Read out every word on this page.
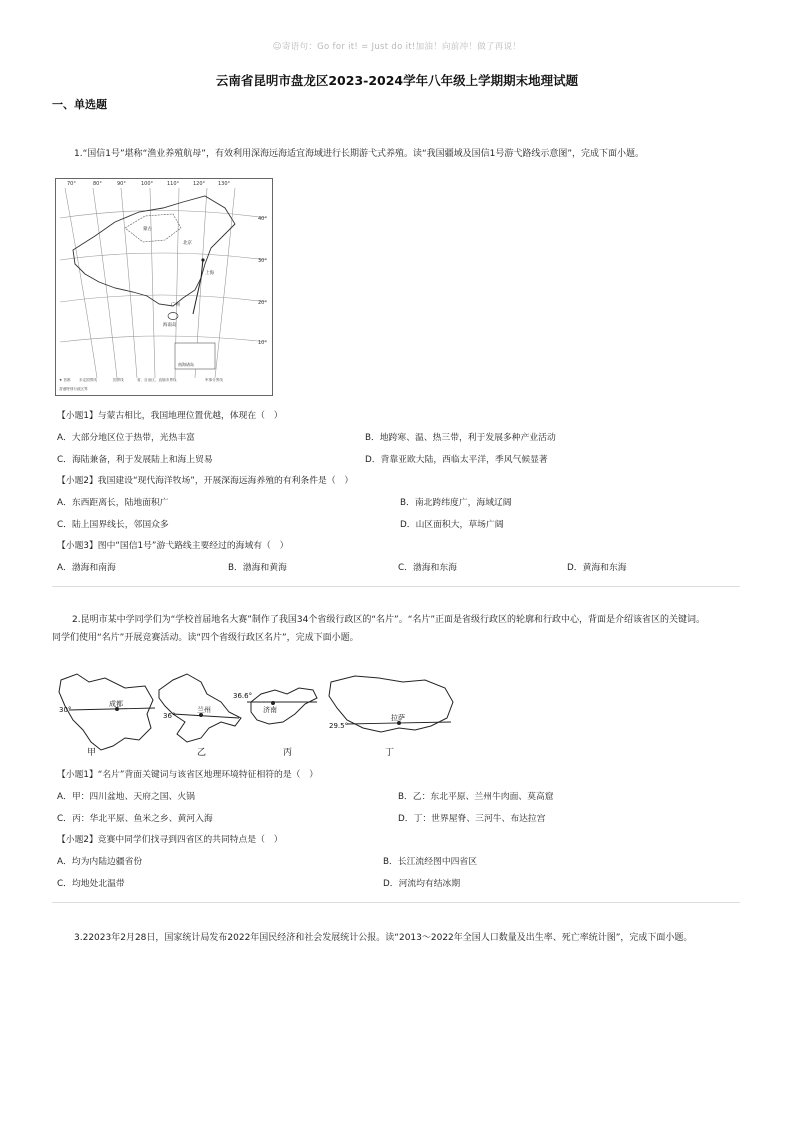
☺寄语句：Go for it! = Just do it!加油！向前冲！做了再说！
云南省昆明市盘龙区2023-2024学年八年级上学期期末地理试题
一、单选题
1.“国信1号”堪称“渔业养殖航母”，有效利用深海远海适宜海域进行长期游弋式养殖。读“我国疆域及国信1号游弋路线示意图”，完成下面小题。
南海诸岛
70°	80°	90°	100°	110°	120°	130°
40°
30°
20°
10°
蒙古
北京
上海
广州
海南岛
★ 首都 未定国界线	国界线	省、自治区、直辖市界线	军事分界线
香港特别行政区界
【小题1】与蒙古相比，我国地理位置优越，体现在（　）
A．大部分地区位于热带，光热丰富	B．地跨寒、温、热三带，利于发展多种产业活动
C．海陆兼备，利于发展陆上和海上贸易	D．背靠亚欧大陆，西临太平洋，季风气候显著
【小题2】我国建设“现代海洋牧场”，开展深海远海养殖的有利条件是（　）
A．东西距离长，陆地面积广	B．南北跨纬度广，海域辽阔
C．陆上国界线长，邻国众多	D．山区面积大，草场广阔
【小题3】图中“国信1号”游弋路线主要经过的海域有（　）
A．渤海和南海	B．渤海和黄海	C．渤海和东海	D．黄海和东海
2.昆明市某中学同学们为“学校首届地名大赛”制作了我国34个省级行政区的“名片”。“名片”正面是省级行政区的轮廓和行政中心，背面是介绍该省区的关键词。同学们使用“名片”开展竞赛活动。读“四个省级行政区名片”，完成下面小题。
30°
成都
36°
兰州
36.6°
济南
29.5°
拉萨
甲	乙	丙	丁
【小题1】“名片”背面关键词与该省区地理环境特征相符的是（　）
A．甲：四川盆地、天府之国、火锅	B．乙：东北平原、兰州牛肉面、莫高窟
C．丙：华北平原、鱼米之乡、黄河入海	D．丁：世界屋脊、三河牛、布达拉宫
【小题2】竞赛中同学们找寻到四省区的共同特点是（　）
A．均为内陆边疆省份	B．长江流经图中四省区
C．均地处北温带	D．河流均有结冰期
3.22023年2月28日，国家统计局发布2022年国民经济和社会发展统计公报。读“2013～2022年全国人口数量及出生率、死亡率统计图”，完成下面小题。
